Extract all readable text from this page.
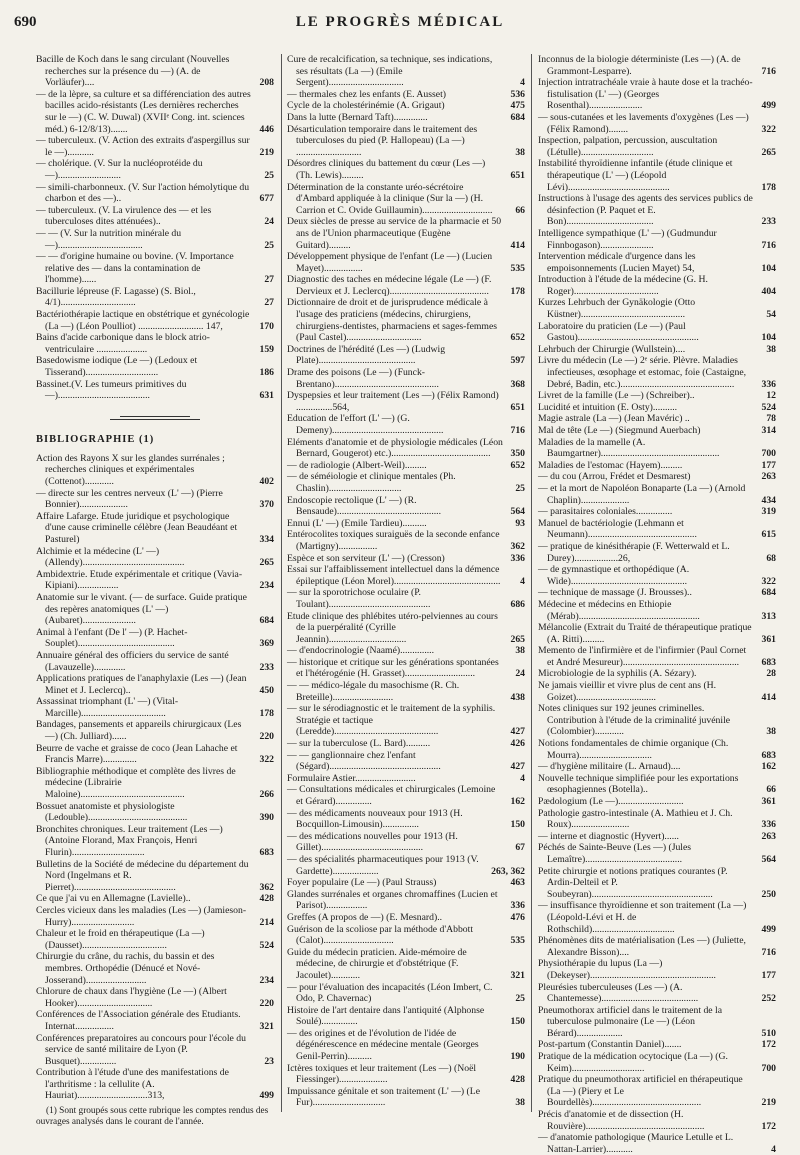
690	LE PROGRÈS MÉDICAL
Bacille de Koch dans le sang circulant (Nouvelles recherches sur la présence du —) (A. de Vorläufer)....	208
— de la lèpre, sa culture et sa différenciation des autres bacilles acido-résistants (Les dernières recherches sur le —) (C. W. Duwal) (XVIIᵉ Cong. int. sciences méd.) 6-12/8/13).......	446
— tuberculeux. (V. Action des extraits d'aspergillus sur le —)...........	219
— cholérique. (V. Sur la nucléoprotéide du —)..........................	25
— simili-charbonneux. (V. Sur l'action hémolytique du charbon et des —)..	677
— tuberculeux. (V. La virulence des — et les tuberculoses dites atténuées)..	24
— — (V. Sur la nutrition minérale du —)...................................	25
— — d'origine humaine ou bovine. (V. Importance relative des — dans la contamination de l'homme)......	27
Bacillurie lépreuse (F. Lagasse) (S. Biol., 4/1)...............................	27
Bactériothérapie lactique en obstétrique et gynécologie (La —) (Léon Poulliot) ........................... 147,	170
Bains d'acide carbonique dans le block atrio-ventriculaire .....................	159
Basedowisme iodique (Le —) (Ledoux et Tisserand)..............................	186
Bassinet.(V. Les tumeurs primitives du —)......................................	631
BIBLIOGRAPHIE (1)
Action des Rayons X sur les glandes surrénales ; recherches cliniques et expérimentales (Cottenot)............	402
— directe sur les centres nerveux (L' —) (Pierre Bonnier)....................	370
Affaire Lafarge. Etude juridique et psychologique d'une cause criminelle célèbre (Jean Beaudéant et Pasturel)	334
Alchimie et la médecine (L' —) (Allendy)..........................................	265
Ambidextrie. Etude expérimentale et critique (Vavia-Kipiani).................	234
Anatomie sur le vivant. (— de surface. Guide pratique des repères anatomiques (L' —) (Aubaret)......................	684
Animal à l'enfant (De l' —) (P. Hachet-Souplet)........................................	369
Annuaire général des officiers du service de santé (Lavauzelle).............	233
Applications pratiques de l'anaphylaxie (Les —) (Jean Minet et J. Leclercq)..	450
Assassinat triomphant (L' —) (Vital-Marcille)...................................	178
Bandages, pansements et appareils chirurgicaux (Les —) (Ch. Julliard)......	220
Beurre de vache et graisse de coco (Jean Lahache et Francis Marre)..............	322
Bibliographie méthodique et complète des livres de médecine (Librairie Maloine)...........................................	266
Bossuet anatomiste et physiologiste (Ledouble).........................................	390
Bronchites chroniques. Leur traitement (Les —) (Antoine Florand, Max François, Henri Flurin)..............................	683
Bulletins de la Société de médecine du département du Nord (Ingelmans et R. Pierret)..........................................	362
Ce que j'ai vu en Allemagne (Lavielle)..	428
Cercles vicieux dans les maladies (Les —) (Jamieson-Hurry)..........................	214
Chaleur et le froid en thérapeutique (La —) (Dausset)...................................	524
Chirurgie du crâne, du rachis, du bassin et des membres. Orthopédie (Dénucé et Nové-Josserand).........................	234
Chlorure de chaux dans l'hygiène (Le —) (Albert Hooker)...............................	220
Conférences de l'Association générale des Etudiants. Internat................	321
Conférences preparatoires au concours pour l'école du service de santé militaire de Lyon (P. Busquet)...............	23
Contribution à l'étude d'une des manifestations de l'arthritisme : la cellulite (A. Hauriat).............................313,	499
(1) Sont groupés sous cette rubrique les comptes rendus des ouvrages analysés dans le courant de l'année.
Cure de recalcification, sa technique, ses indications, ses résultats (La —) (Emile Sergent)...............................	4
— thermales chez les enfants (E. Ausset)	536
Cycle de la cholestérinémie (A. Grigaut)	475
Dans la lutte (Bernard Taft)..............	684
Désarticulation temporaire dans le traitement des tuberculoses du pied (P. Hallopeau) (La —) ...........................	38
Désordres cliniques du battement du cœur (Les —) (Th. Lewis).........	651
Détermination de la constante uréo-sécrétoire d'Ambard appliquée à la clinique (Sur la —) (H. Carrion et C. Ovide Guillaumin).............................	66
Deux siècles de presse au service de la pharmacie et 50 ans de l'Union pharmaceutique (Eugène Guitard).........	414
Développement physique de l'enfant (Le —) (Lucien Mayet)................	535
Diagnostic des taches en médecine légale (Le —) (F. Dervieux et J. Leclercq).........................................	178
Dictionnaire de droit et de jurisprudence médicale à l'usage des praticiens (médecins, chirurgiens, chirurgiens-dentistes, pharmaciens et sages-femmes (Paul Castel)...............................	652
Doctrines de l'hérédité (Les —) (Ludwig Plate)........................................	597
Drame des poisons (Le —) (Funck-Brentano)...........................................	368
Dyspepsies et leur traitement (Les —) (Félix Ramond) ...............564,	651
Education de l'effort (L' —) (G. Demeny)..............................................	716
Eléments d'anatomie et de physiologie médicales (Léon Bernard, Gougerot) etc.).........................................	350
— de radiologie (Albert-Weil).........	652
— de séméiologie et clinique mentales (Ph. Chaslin)..............................	25
Endoscopie rectolique (L' —) (R. Bensaude)...........................................	564
Ennui (L' —) (Emile Tardieu)..........	93
Entérocolites toxiques suraiguës de la seconde enfance (Martigny)................	362
Espèce et son serviteur (L' —) (Cresson)	336
Essai sur l'affaiblissement intellectuel dans la démence épileptique (Léon Morel)............................................	4
— sur la sporotrichose oculaire (P. Toulant)..........................................	686
Etude clinique des phlébites utéro-pelviennes au cours de la puerpéralité (Cyrille Jeannin)................................	265
— d'endocrinologie (Naamé)..............	38
— historique et critique sur les générations spontanées et l'hétérogénie (H. Grasset).............................	24
— — médico-légale du masochisme (R. Ch. Breteille).........................	438
— sur le sérodiagnostic et le traitement de la syphilis. Stratégie et tactique (Leredde)...........................................	427
— sur la tuberculose (L. Bard)..........	426
— — ganglionnaire chez l'enfant (Ségard)..............................................	427
Formulaire Astier.........................	4
— Consultations médicales et chirurgicales (Lemoine et Gérard)...............	162
— des médicaments nouveaux pour 1913 (H. Bocquillon-Limousin)...............	150
— des médications nouvelles pour 1913 (H. Gillet)..........................................	67
— des spécialités pharmaceutiques pour 1913 (V. Gardette)...................	263, 362
Foyer populaire (Le —) (Paul Strauss)	463
Glandes surrénales et organes chromaffines (Lucien et Parisot).................	336
Greffes (A propos de —) (E. Mesnard)..	476
Guérison de la scoliose par la méthode d'Abbott (Calot).............................	535
Guide du médecin praticien. Aide-mémoire de médecine, de chirurgie et d'obstétrique (F. Jacoulet)............	321
— pour l'évaluation des incapacités (Léon Imbert, C. Odo, P. Chavernac)	25
Histoire de l'art dentaire dans l'antiquité (Alphonse Soulé)...............	150
— des origines et de l'évolution de l'idée de dégénérescence en médecine mentale (Georges Genil-Perrin)..........	190
Ictères toxiques et leur traitement (Les —) (Noël Fiessinger)....................	428
Impuissance génitale et son traitement (L' —) (Le Fur)..............................	38
Inconnus de la biologie déterministe (Les —) (A. de Grammont-Lesparre).	716
Injection intratrachéale vraie à haute dose et la trachéo-fistulisation (L' —) (Georges Rosenthal)......................	499
— sous-cutanées et les lavements d'oxygènes (Les —) (Félix Ramond)........	322
Inspection, palpation, percussion, auscultation (Létulle)..............................	265
Instabilité thyroïdienne infantile (étude clinique et thérapeutique (L' —) (Léopold Lévi)..........................................	178
Instructions à l'usage des agents des services publics de désinfection (P. Paquet et E. Bon)....................................	233
Intelligence sympathique (L' —) (Gudmundur Finnbogason)......................	716
Intervention médicale d'urgence dans les empoisonnements (Lucien Mayet) 54,	104
Introduction à l'étude de la médecine (G. H. Roger)...................................	404
Kurzes Lehrbuch der Gynäkologie (Otto Küstner)...........................................	54
Laboratoire du praticien (Le —) (Paul Gastou)..................................................	104
Lehrbuch der Chirurgie (Wullstein)....	38
Livre du médecin (Le —) 2ᵉ série. Plèvre. Maladies infectieuses, œsophage et estomac, foie (Castaigne, Debré, Badin, etc.)...............................................	336
Livret de la famille (Le —) (Schreiber)..	12
Lucidité et intuition (E. Osty)..........	524
Magie astrale (La —) (Jean Mavéric) ..	78
Mal de tête (Le —) (Siegmund Auerbach)	314
Maladies de la mamelle (A. Baumgartner).................................................	700
Maladies de l'estomac (Hayem).........	177
— du cou (Arrou, Frédet et Desmarest)	263
— et la mort de Napoléon Bonaparte (La —) (Arnold Chaplin)....................	434
— parasitaires coloniales...............	319
Manuel de bactériologie (Lehmann et Neumann).............................................	615
— pratique de kinésithérapie (F. Wetterwald et L. Durey)..................26,	68
— de gymnastique et orthopédique (A. Wide)................................................	322
— technique de massage (J. Brousses)..	684
Médecine et médecins en Ethiopie (Mérab)..................................................	313
Mélancolie (Extrait du Traité de thérapeutique pratique (A. Ritti).........	361
Memento de l'infirmière et de l'infirmier (Paul Cornet et André Mesureur)................................................	683
Microbiologie de la syphilis (A. Sézary).	28
Ne jamais vieillir et vivre plus de cent ans (H. Goizet).................................	414
Notes cliniques sur 192 jeunes criminelles. Contribution à l'étude de la criminalité juvénile (Colombier)............	38
Notions fondamentales de chimie organique (Ch. Mourra)..............................	683
— d'hygiène militaire (L. Arnaud)....	162
Nouvelle technique simplifiée pour les exportations œsophagiennes (Botella)..	66
Pædologium (Le —)...........................	361
Pathologie gastro-intestinale (A. Mathieu et J. Ch. Roux)........................	336
— interne et diagnostic (Hyvert)......	263
Péchés de Sainte-Beuve (Les —) (Jules Lemaître)........................................	564
Petite chirurgie et notions pratiques courantes (P. Ardin-Delteil et P. Soubeyran)..................................................	250
— insuffisance thyroïdienne et son traitement (La —) (Léopold-Lévi et H. de Rothschild)..................................	499
Phénomènes dits de matérialisation (Les —) (Juliette, Alexandre Bisson)....	716
Physiothérapie du lupus (La —) (Dekeyser)....................................................	177
Pleurésies tuberculeuses (Les —) (A. Chantemesse)........................................	252
Pneumothorax artificiel dans le traitement de la tuberculose pulmonaire (Le —) (Léon Bérard)...................	510
Post-partum (Constantin Daniel).......	172
Pratique de la médication ocytocique (La —) (G. Keim)..............................	700
Pratique du pneumothorax artificiel en thérapeutique (La —) (Piery et Le Bourdellès).............................................	219
Précis d'anatomie et de dissection (H. Rouvière).................................................	172
— d'anatomie pathologique (Maurice Letulle et L. Nattan-Larrier)...........	4
